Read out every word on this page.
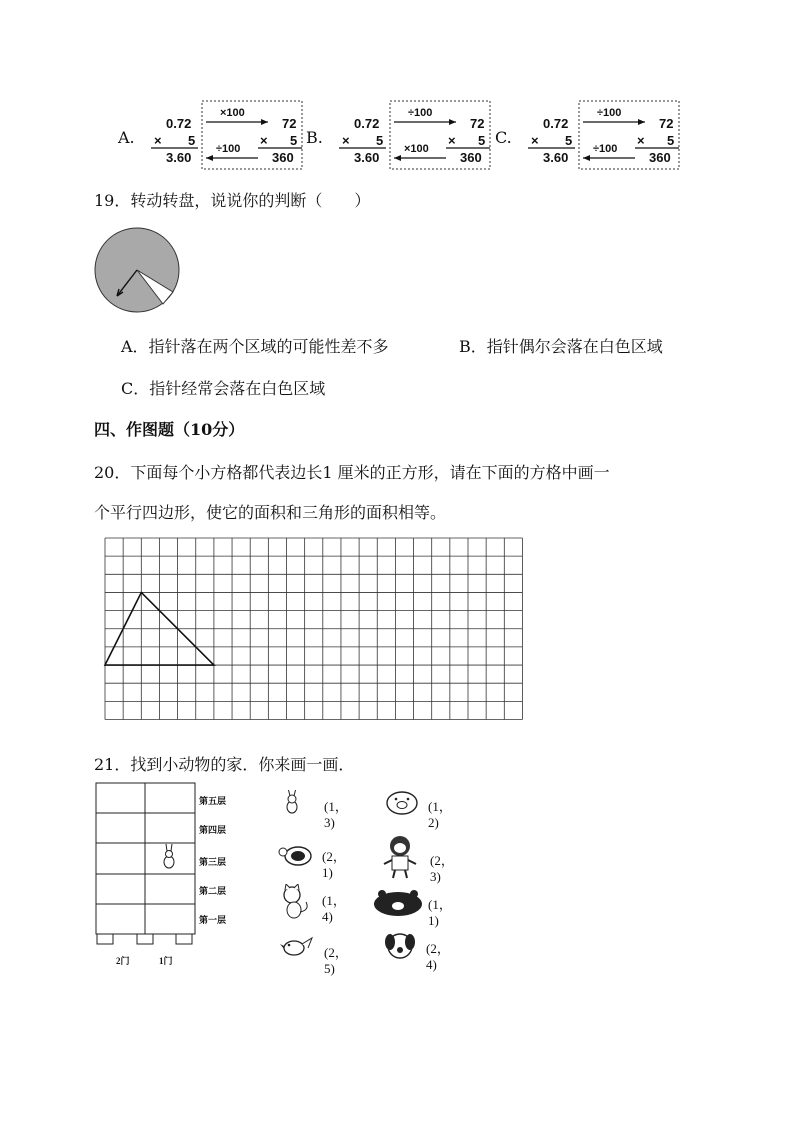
A.
0.72
× 5
3.60
72
× 5
360
×100
÷100
B.
0.72
× 5
3.60
72
× 5
360
÷100
×100
C.
0.72
× 5
3.60
72
× 5
360
÷100
÷100
19．转动转盘，说说你的判断（　　）
A．指针落在两个区域的可能性差不多	B．指针偶尔会落在白色区域
C．指针经常会落在白色区域
四、作图题（10分）
20．下面每个小方格都代表边长1 厘米的正方形，请在下面的方格中画一
个平行四边形，使它的面积和三角形的面积相等。
21．找到小动物的家．你来画一画．
第五层
第四层
第三层
第二层
第一层
2门	1门
(1，3)
(1，2)
(2，1)
(2，3)
(1，4)
(1，1)
(2，5)
(2，4)
